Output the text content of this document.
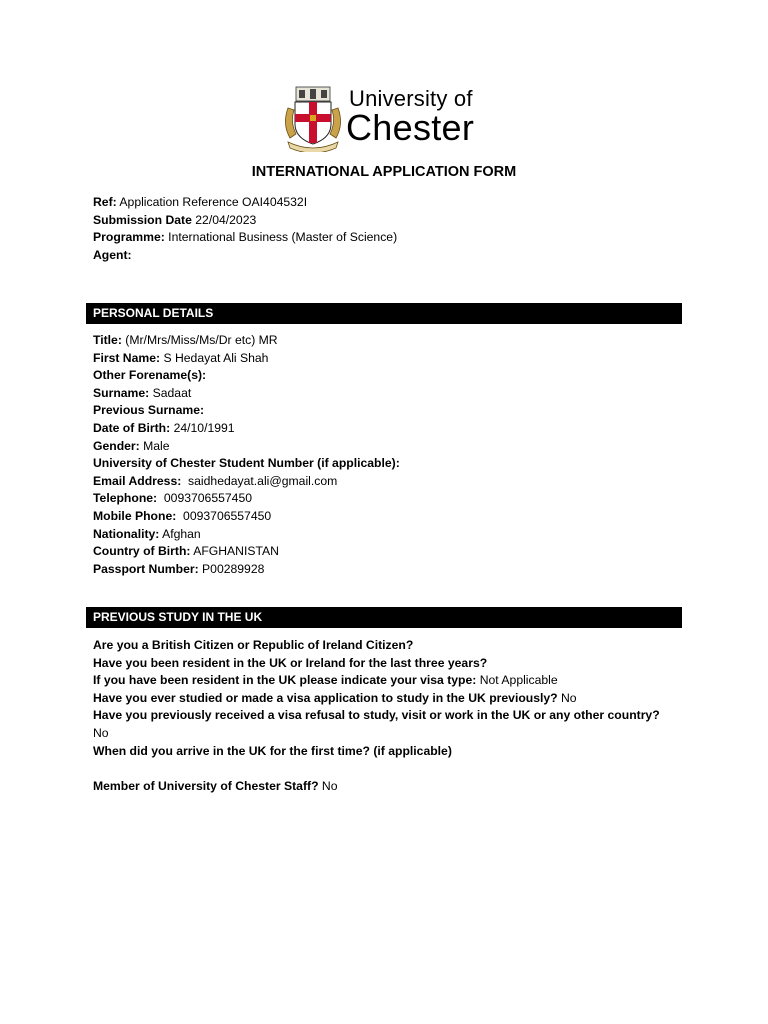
University of
Chester
INTERNATIONAL APPLICATION FORM
Ref: Application Reference OAI404532I
Submission Date 22/04/2023
Programme: International Business (Master of Science)
Agent:
PERSONAL DETAILS
Title: (Mr/Mrs/Miss/Ms/Dr etc) MR
First Name: S Hedayat Ali Shah
Other Forename(s):
Surname: Sadaat
Previous Surname:
Date of Birth: 24/10/1991
Gender: Male
University of Chester Student Number (if applicable):
Email Address:  saidhedayat.ali@gmail.com
Telephone:  0093706557450
Mobile Phone:  0093706557450
Nationality: Afghan
Country of Birth: AFGHANISTAN
Passport Number: P00289928
PREVIOUS STUDY IN THE UK
Are you a British Citizen or Republic of Ireland Citizen?
Have you been resident in the UK or Ireland for the last three years?
If you have been resident in the UK please indicate your visa type: Not Applicable
Have you ever studied or made a visa application to study in the UK previously? No
Have you previously received a visa refusal to study, visit or work in the UK or any other country?
No
When did you arrive in the UK for the first time? (if applicable)
Member of University of Chester Staff? No
